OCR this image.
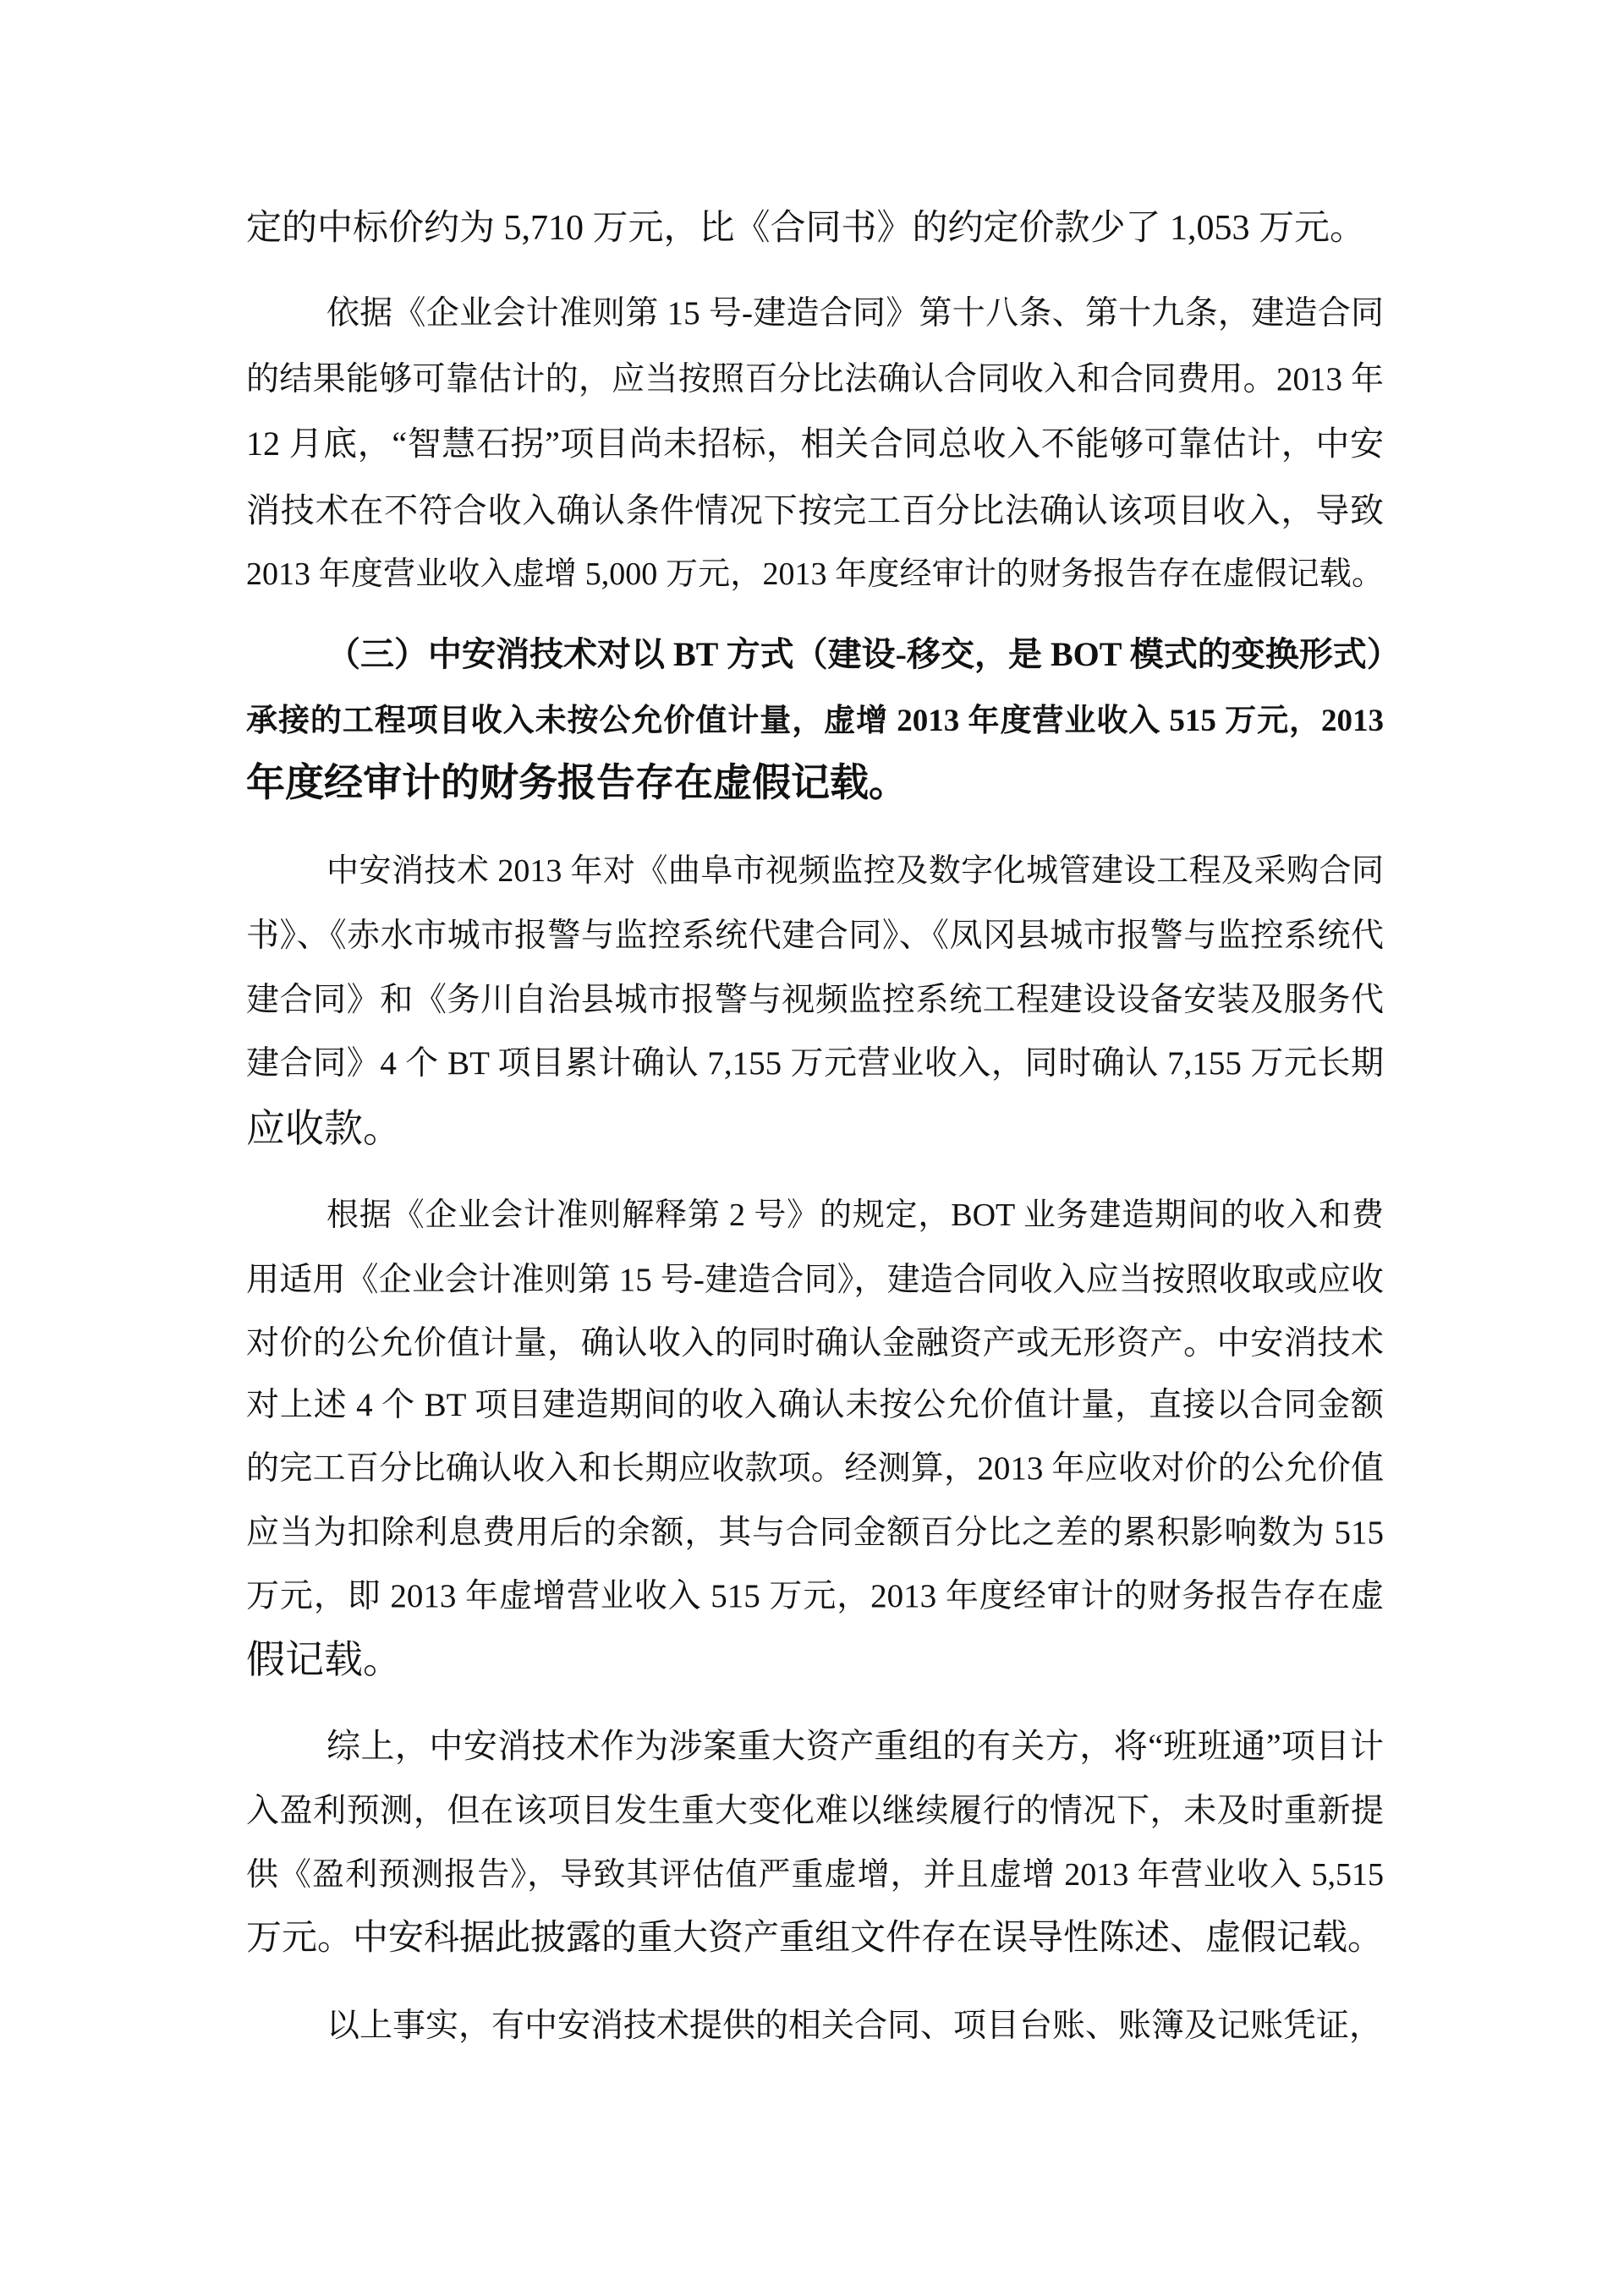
定的中标价约为 5,710 万元，比《合同书》的约定价款少了 1,053 万元。
依据《企业会计准则第 15 号-建造合同》第十八条、第十九条，建造合同
的结果能够可靠估计的，应当按照百分比法确认合同收入和合同费用。2013 年
12 月底，“智慧石拐”项目尚未招标，相关合同总收入不能够可靠估计，中安
消技术在不符合收入确认条件情况下按完工百分比法确认该项目收入，导致
2013 年度营业收入虚增 5,000 万元，2013 年度经审计的财务报告存在虚假记载。
（三）中安消技术对以 BT 方式（建设-移交，是 BOT 模式的变换形式）
承接的工程项目收入未按公允价值计量，虚增 2013 年度营业收入 515 万元，2013
年度经审计的财务报告存在虚假记载。
中安消技术 2013 年对《曲阜市视频监控及数字化城管建设工程及采购合同
书》、《赤水市城市报警与监控系统代建合同》、《凤冈县城市报警与监控系统代
建合同》和《务川自治县城市报警与视频监控系统工程建设设备安装及服务代
建合同》4 个 BT 项目累计确认 7,155 万元营业收入，同时确认 7,155 万元长期
应收款。
根据《企业会计准则解释第 2 号》的规定，BOT 业务建造期间的收入和费
用适用《企业会计准则第 15 号-建造合同》，建造合同收入应当按照收取或应收
对价的公允价值计量，确认收入的同时确认金融资产或无形资产。中安消技术
对上述 4 个 BT 项目建造期间的收入确认未按公允价值计量，直接以合同金额
的完工百分比确认收入和长期应收款项。经测算，2013 年应收对价的公允价值
应当为扣除利息费用后的余额，其与合同金额百分比之差的累积影响数为 515
万元，即 2013 年虚增营业收入 515 万元，2013 年度经审计的财务报告存在虚
假记载。
综上，中安消技术作为涉案重大资产重组的有关方，将“班班通”项目计
入盈利预测，但在该项目发生重大变化难以继续履行的情况下，未及时重新提
供《盈利预测报告》，导致其评估值严重虚增，并且虚增 2013 年营业收入 5,515
万元。中安科据此披露的重大资产重组文件存在误导性陈述、虚假记载。
以上事实，有中安消技术提供的相关合同、项目台账、账簿及记账凭证，
